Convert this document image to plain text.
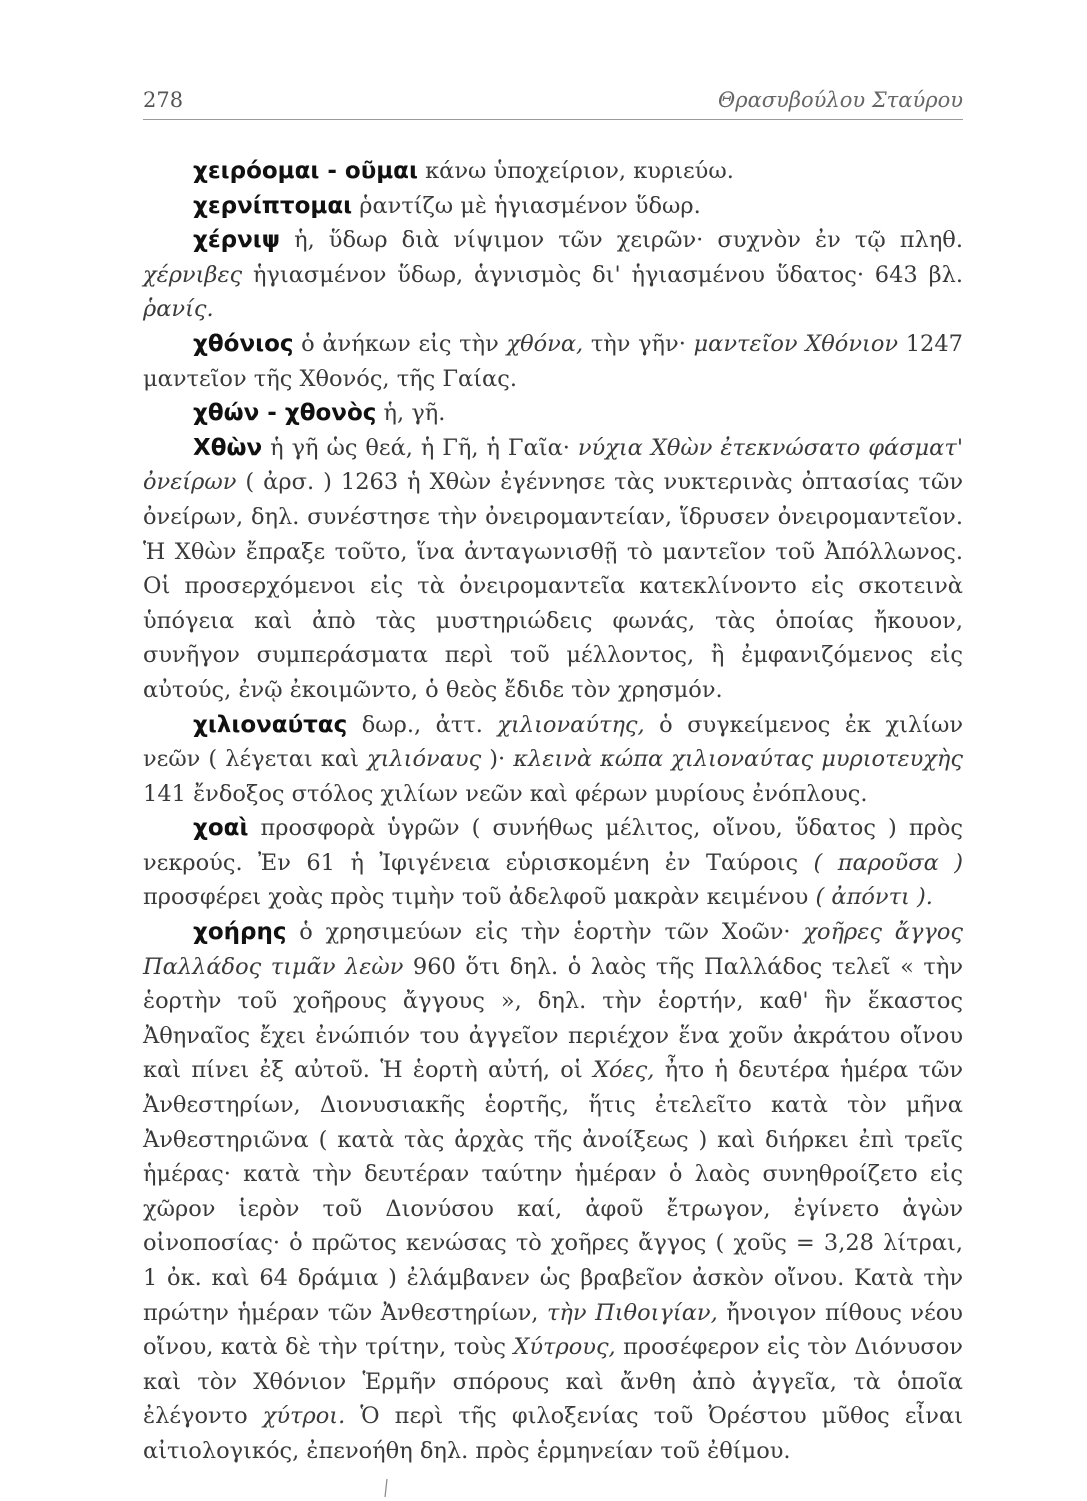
278	Θρασυβούλου Σταύρου

χειρόομαι - οῦμαι κάνω ὑποχείριον, κυριεύω.

χερνίπτομαι ῥαντίζω μὲ ἡγιασμένον ὕδωρ.

χέρνιψ ἡ, ὕδωρ διὰ νίψιμον τῶν χειρῶν· συχνὸν ἐν τῷ πληθ. χέρνιβες ἡγιασμένον ὕδωρ, ἁγνισμὸς δι' ἡγιασμένου ὕδατος· 643 βλ. ῥανίς.

χθόνιος ὁ ἀνήκων εἰς τὴν χθόνα, τὴν γῆν· μαντεῖον Χθόνιον 1247 μαντεῖον τῆς Χθονός, τῆς Γαίας.

χθών - χθονὸς ἡ, γῆ.

Χθὼν ἡ γῆ ὡς θεά, ἡ Γῆ, ἡ Γαῖα· νύχια Χθὼν ἐτεκνώσατο φάσματ' ὀνείρων ( ἀρσ. ) 1263 ἡ Χθὼν ἐγέννησε τὰς νυκτερινὰς ὀπτασίας τῶν ὀνείρων, δηλ. συνέστησε τὴν ὀνειρομαντείαν, ἵδρυσεν ὀνειρομαντεῖον. Ἡ Χθὼν ἔπραξε τοῦτο, ἵνα ἀνταγωνισθῇ τὸ μαντεῖον τοῦ Ἀπόλλωνος. Οἱ προσερχόμενοι εἰς τὰ ὀνειρομαντεῖα κατεκλίνοντο εἰς σκοτεινὰ ὑπόγεια καὶ ἀπὸ τὰς μυστηριώδεις φωνάς, τὰς ὁποίας ἤκουον, συνῆγον συμπεράσματα περὶ τοῦ μέλλοντος, ἢ ἐμφανιζόμενος εἰς αὐτούς, ἐνῷ ἐκοιμῶντο, ὁ θεὸς ἔδιδε τὸν χρησμόν.

χιλιοναύτας δωρ., ἀττ. χιλιοναύτης, ὁ συγκείμενος ἐκ χιλίων νεῶν ( λέγεται καὶ χιλιόναυς )· κλεινὰ κώπα χιλιοναύτας μυριοτευχὴς 141 ἔνδοξος στόλος χιλίων νεῶν καὶ φέρων μυρίους ἐνόπλους.

χοαὶ προσφορὰ ὑγρῶν ( συνήθως μέλιτος, οἴνου, ὕδατος ) πρὸς νεκρούς. Ἐν 61 ἡ Ἰφιγένεια εὑρισκομένη ἐν Ταύροις ( παροῦσα ) προσφέρει χοὰς πρὸς τιμὴν τοῦ ἀδελφοῦ μακρὰν κειμένου ( ἀπόντι ).

χοήρης ὁ χρησιμεύων εἰς τὴν ἑορτὴν τῶν Χοῶν· χοῆρες ἄγγος Παλλάδος τιμᾶν λεὼν 960 ὅτι δηλ. ὁ λαὸς τῆς Παλλάδος τελεῖ « τὴν ἑορτὴν τοῦ χοῆρους ἄγγους », δηλ. τὴν ἑορτήν, καθ' ἣν ἕκαστος Ἀθηναῖος ἔχει ἐνώπιόν του ἀγγεῖον περιέχον ἕνα χοῦν ἀκράτου οἴνου καὶ πίνει ἐξ αὐτοῦ. Ἡ ἑορτὴ αὐτή, οἱ Χόες, ἦτο ἡ δευτέρα ἡμέρα τῶν Ἀνθεστηρίων, Διονυσιακῆς ἑορτῆς, ἥτις ἐτελεῖτο κατὰ τὸν μῆνα Ἀνθεστηριῶνα ( κατὰ τὰς ἀρχὰς τῆς ἀνοίξεως ) καὶ διήρκει ἐπὶ τρεῖς ἡμέρας· κατὰ τὴν δευτέραν ταύτην ἡμέραν ὁ λαὸς συνηθροίζετο εἰς χῶρον ἱερὸν τοῦ Διονύσου καί, ἀφοῦ ἔτρωγον, ἐγίνετο ἀγὼν οἰνοποσίας· ὁ πρῶτος κενώσας τὸ χοῆρες ἄγγος ( χοῦς = 3,28 λίτραι, 1 ὀκ. καὶ 64 δράμια ) ἐλάμβανεν ὡς βραβεῖον ἀσκὸν οἴνου. Κατὰ τὴν πρώτην ἡμέραν τῶν Ἀνθεστηρίων, τὴν Πιθοιγίαν, ἤνοιγον πίθους νέου οἴνου, κατὰ δὲ τὴν τρίτην, τοὺς Χύτρους, προσέφερον εἰς τὸν Διόνυσον καὶ τὸν Χθόνιον Ἑρμῆν σπόρους καὶ ἄνθη ἀπὸ ἀγγεῖα, τὰ ὁποῖα ἐλέγοντο χύτροι. Ὁ περὶ τῆς φιλοξενίας τοῦ Ὀρέστου μῦθος εἶναι αἰτιολογικός, ἐπενοήθη δηλ. πρὸς ἑρμηνείαν τοῦ ἐθίμου.
